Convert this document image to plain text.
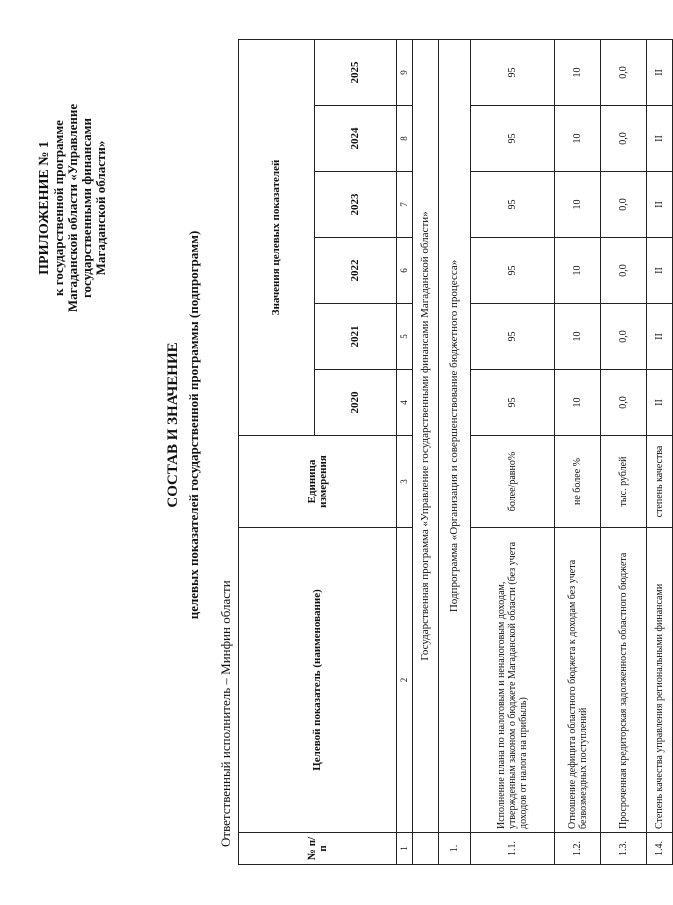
ПРИЛОЖЕНИЕ № 1 к государственной программе Магаданской области «Управление государственными финансами Магаданской области»
СОСТАВ И ЗНАЧЕНИЕ целевых показателей государственной программы (подпрограмм)
Ответственный исполнитель – Минфин области
№ п/п	Целевой показатель (наименование)	Единица измерения	Значения целевых показателей					
			2020	2021	2022	2023	2024	2025
1	2	3	4	5	6	7	8	9
	Государственная программа «Управление государственными финансами Магаданской области»							
1.	Подпрограмма «Организация и совершенствование бюджетного процесса»							
1.1.	Исполнение плана по налоговым и неналоговым доходам, утвержденным законом о бюджете Магаданской области (без учета доходов от налога на прибыль)	более/равно%	95	95	95	95	95	95
1.2.	Отношение дефицита областного бюджета к доходам без учета безвозмездных поступлений	не более %	10	10	10	10	10	10
1.3.	Просроченная кредиторская задолженность областного бюджета	тыс. рублей	0,0	0,0	0,0	0,0	0,0	0,0
1.4.	Степень качества управления региональными финансами	степень качества	II	II	II	II	II	II
